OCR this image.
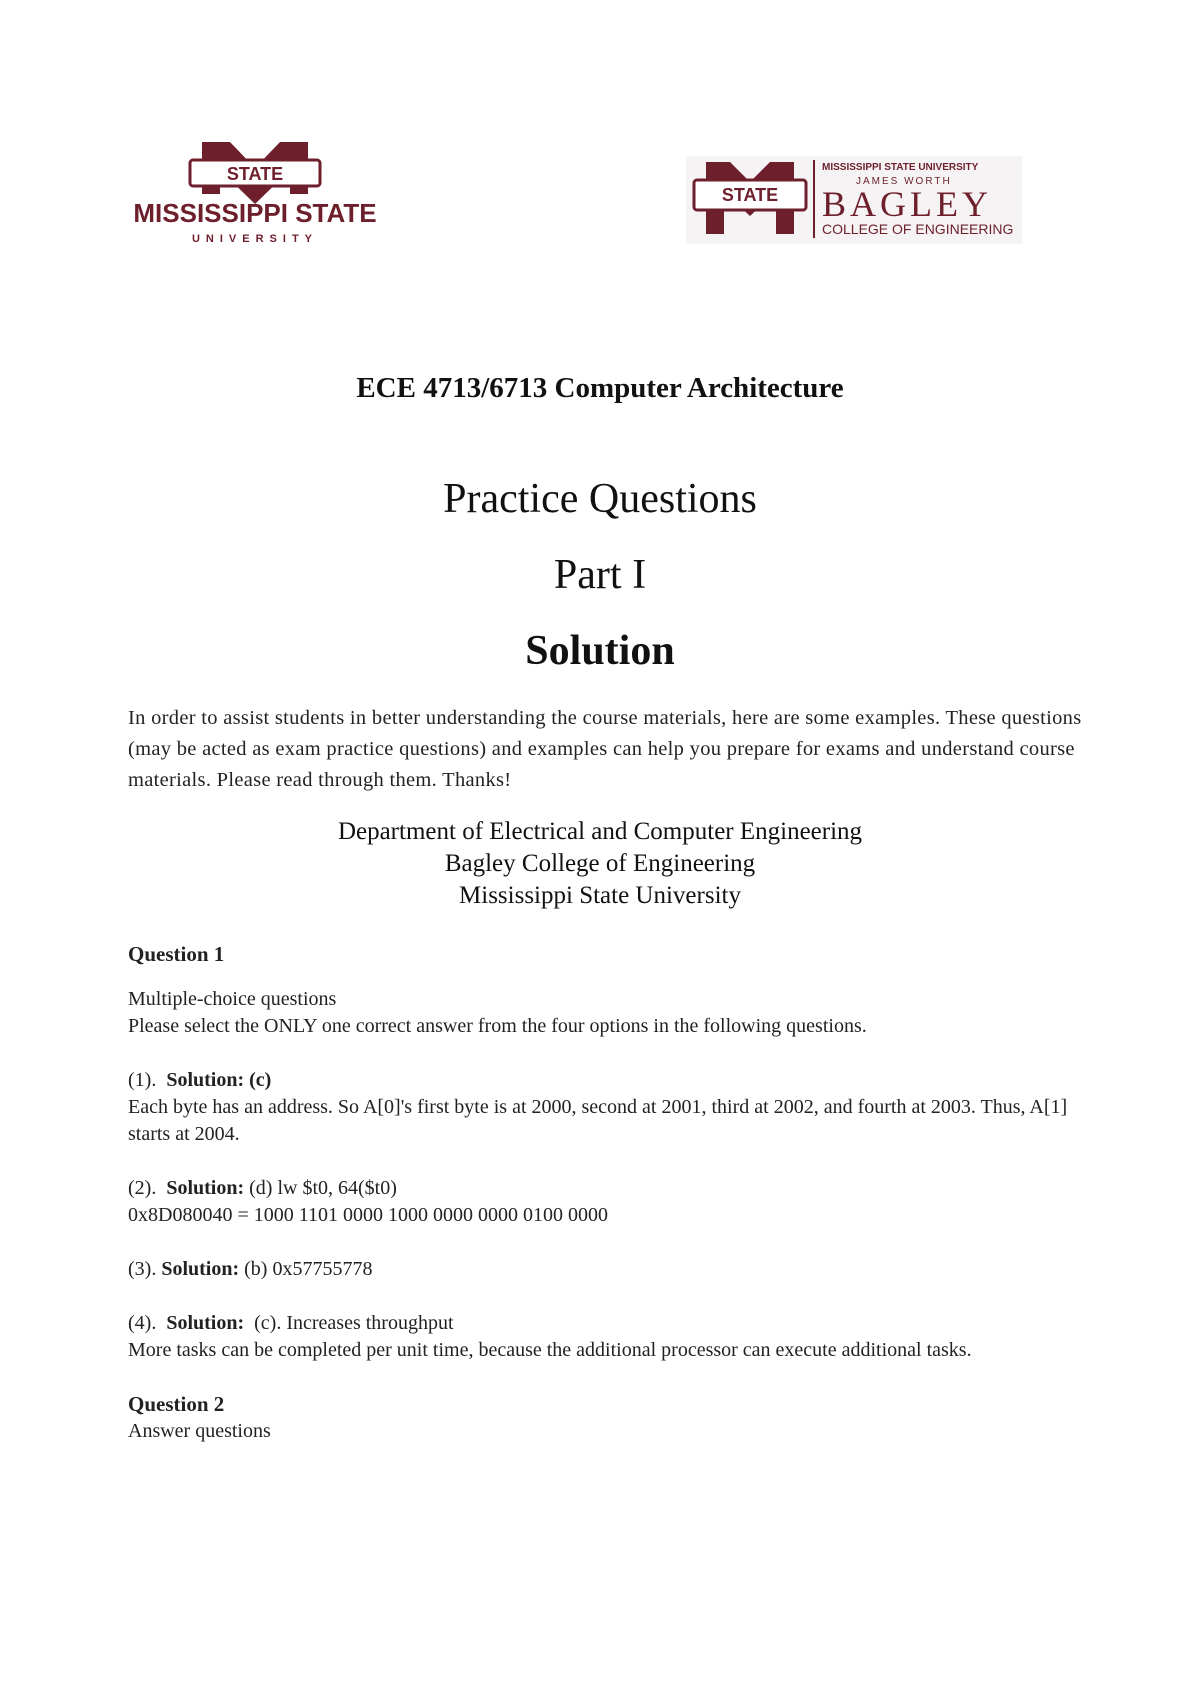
STATE
MISSISSIPPI STATE
UNIVERSITY
STATE
MISSISSIPPI STATE UNIVERSITY
JAMES WORTH
BAGLEY
COLLEGE OF ENGINEERING
ECE 4713/6713 Computer Architecture
Practice Questions
Part I
Solution
In order to assist students in better understanding the course materials, here are some examples. These questions (may be acted as exam practice questions) and examples can help you prepare for exams and understand course materials. Please read through them. Thanks!
Department of Electrical and Computer Engineering
Bagley College of Engineering
Mississippi State University

Question 1

Multiple-choice questions

Please select the ONLY one correct answer from the four options in the following questions.

(1). Solution: (c)

Each byte has an address. So A[0]'s first byte is at 2000, second at 2001, third at 2002, and fourth at 2003. Thus, A[1] starts at 2004.

(2). Solution: (d) lw $t0, 64($t0)

0x8D080040 = 1000 1101 0000 1000 0000 0000 0100 0000

(3). Solution: (b) 0x57755778

(4). Solution: (c). Increases throughput

More tasks can be completed per unit time, because the additional processor can execute additional tasks.

Question 2

Answer questions
